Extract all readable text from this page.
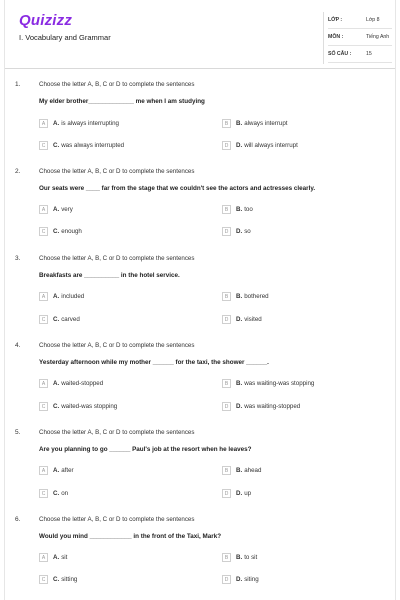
Quizizz
I. Vocabulary and Grammar
LỚP :	Lớp 8
MÔN :	Tiếng Anh
SỐ CÂU :	15
1.	Choose the letter A, B, C or D to complete the sentences
My elder brother_____________ me when I am studying
A	A. is always interrupting	B	B. always interrupt
C	C. was always interrupted	D	D. will always interrupt
2.	Choose the letter A, B, C or D to complete the sentences
Our seats were ____ far from the stage that we couldn't see the actors and actresses clearly.
A	A. very	B	B. too
C	C. enough	D	D. so
3.	Choose the letter A, B, C or D to complete the sentences
Breakfasts are __________ in the hotel service.
A	A. included	B	B. bothered
C	C. carved	D	D. visited
4.	Choose the letter A, B, C or D to complete the sentences
Yesterday afternoon while my mother ______ for the taxi, the shower ______.
A	A. waited-stopped	B	B. was waiting-was stopping
C	C. waited-was stopping	D	D. was waiting-stopped
5.	Choose the letter A, B, C or D to complete the sentences
Are you planning to go ______ Paul's job at the resort when he leaves?
A	A. after	B	B. ahead
C	C. on	D	D. up
6.	Choose the letter A, B, C or D to complete the sentences
Would you mind ____________ in the front of the Taxi, Mark?
A	A. sit	B	B. to sit
C	C. sitting	D	D. siting
